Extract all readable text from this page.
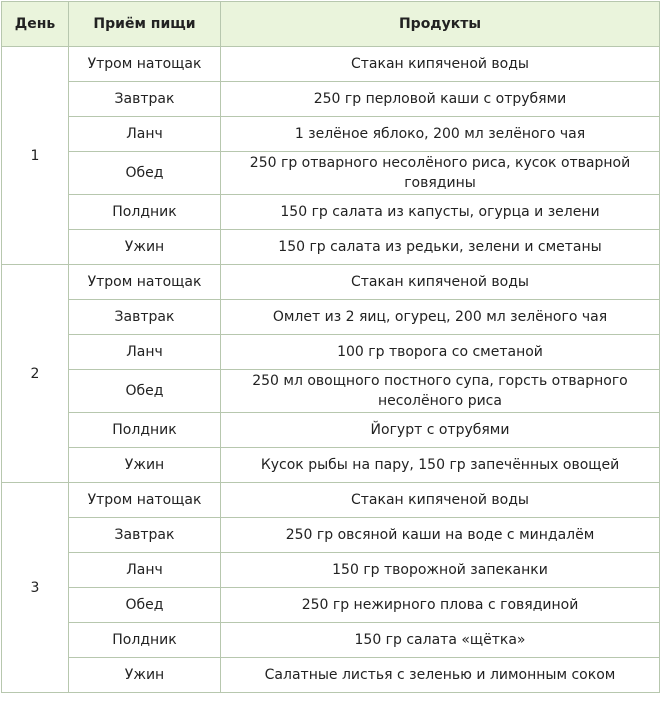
День	Приём пищи	Продукты
1	Утром натощак	Стакан кипяченой воды
	Завтрак	250 гр перловой каши с отрубями
	Ланч	1 зелёное яблоко, 200 мл зелёного чая
	Обед	250 гр отварного несолёного риса, кусок отварной говядины
	Полдник	150 гр салата из капусты, огурца и зелени
	Ужин	150 гр салата из редьки, зелени и сметаны
2	Утром натощак	Стакан кипяченой воды
	Завтрак	Омлет из 2 яиц, огурец, 200 мл зелёного чая
	Ланч	100 гр творога со сметаной
	Обед	250 мл овощного постного супа, горсть отварного несолёного риса
	Полдник	Йогурт с отрубями
	Ужин	Кусок рыбы на пару, 150 гр запечённых овощей
3	Утром натощак	Стакан кипяченой воды
	Завтрак	250 гр овсяной каши на воде с миндалём
	Ланч	150 гр творожной запеканки
	Обед	250 гр нежирного плова с говядиной
	Полдник	150 гр салата «щётка»
	Ужин	Салатные листья с зеленью и лимонным соком
